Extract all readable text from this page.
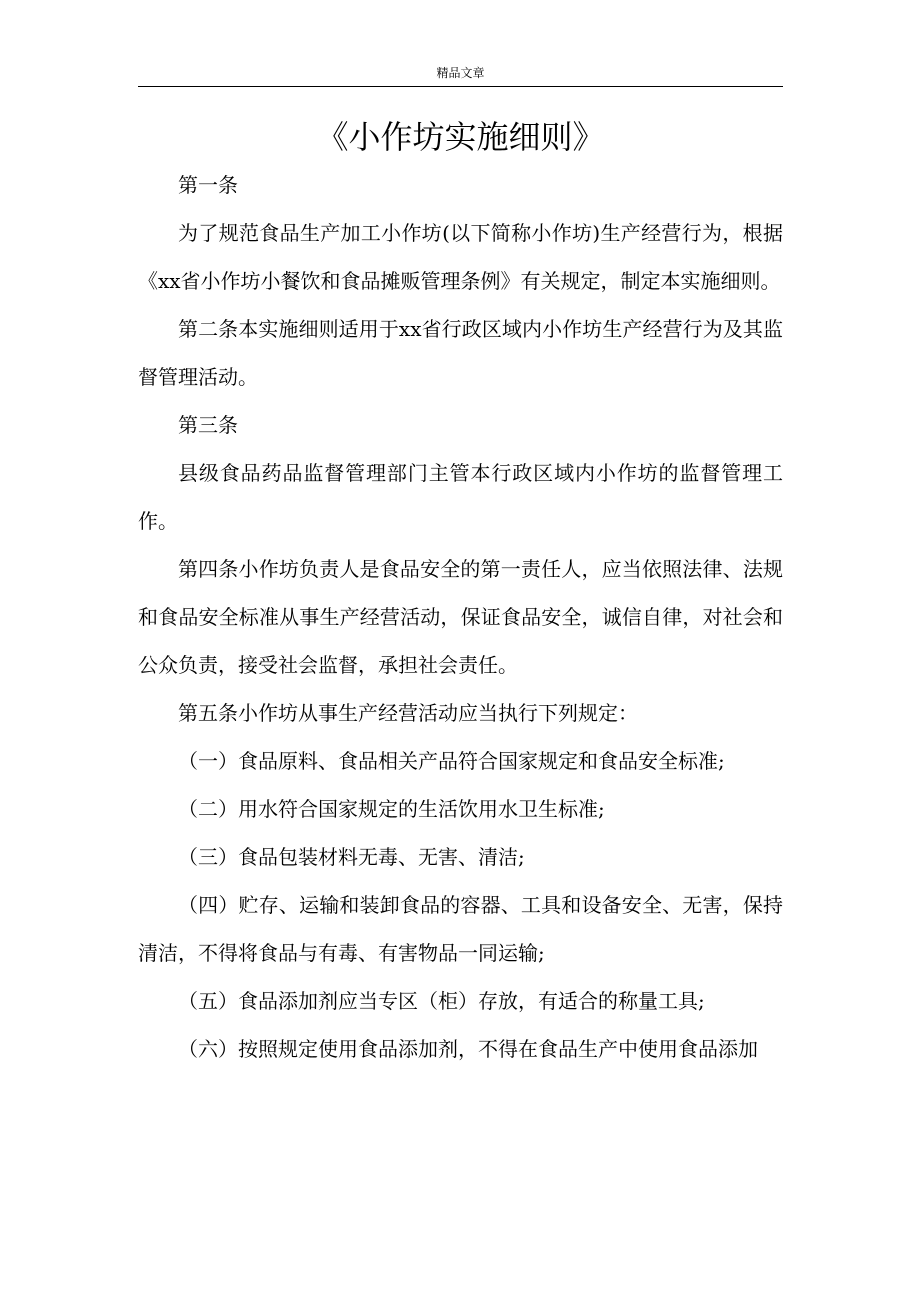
精品文章
《小作坊实施细则》

第一条

为了规范食品生产加工小作坊(以下简称小作坊)生产经营行为，根据《xx省小作坊小餐饮和食品摊贩管理条例》有关规定，制定本实施细则。

第二条本实施细则适用于xx省行政区域内小作坊生产经营行为及其监督管理活动。

第三条

县级食品药品监督管理部门主管本行政区域内小作坊的监督管理工作。

第四条小作坊负责人是食品安全的第一责任人，应当依照法律、法规和食品安全标准从事生产经营活动，保证食品安全，诚信自律，对社会和公众负责，接受社会监督，承担社会责任。

第五条小作坊从事生产经营活动应当执行下列规定：

（一）食品原料、食品相关产品符合国家规定和食品安全标准;

（二）用水符合国家规定的生活饮用水卫生标准;

（三）食品包装材料无毒、无害、清洁;

（四）贮存、运输和装卸食品的容器、工具和设备安全、无害，保持清洁，不得将食品与有毒、有害物品一同运输;

（五）食品添加剂应当专区（柜）存放，有适合的称量工具;

（六）按照规定使用食品添加剂，不得在食品生产中使用食品添加
